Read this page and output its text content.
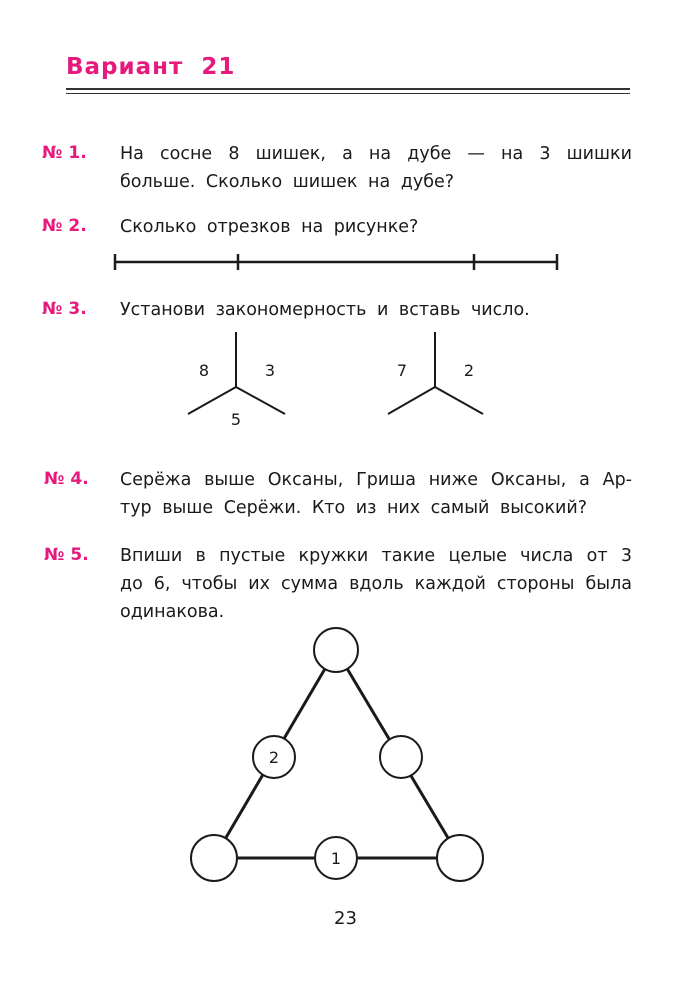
Вариант  21
№ 1. На сосне 8 шишек, а на дубе — на 3 шишки больше. Сколько шишек на дубе?
№ 2. Сколько отрезков на рисунке?
№ 3. Установи закономерность и вставь число.
№ 4. Серёжа выше Оксаны, Гриша ниже Оксаны, а Артур выше Серёжи. Кто из них самый высокий?
№ 5. Впиши в пустые кружки такие целые числа от 3 до 6, чтобы их сумма вдоль каждой стороны была одинакова.
8	3
5
7	2
2
1
23
